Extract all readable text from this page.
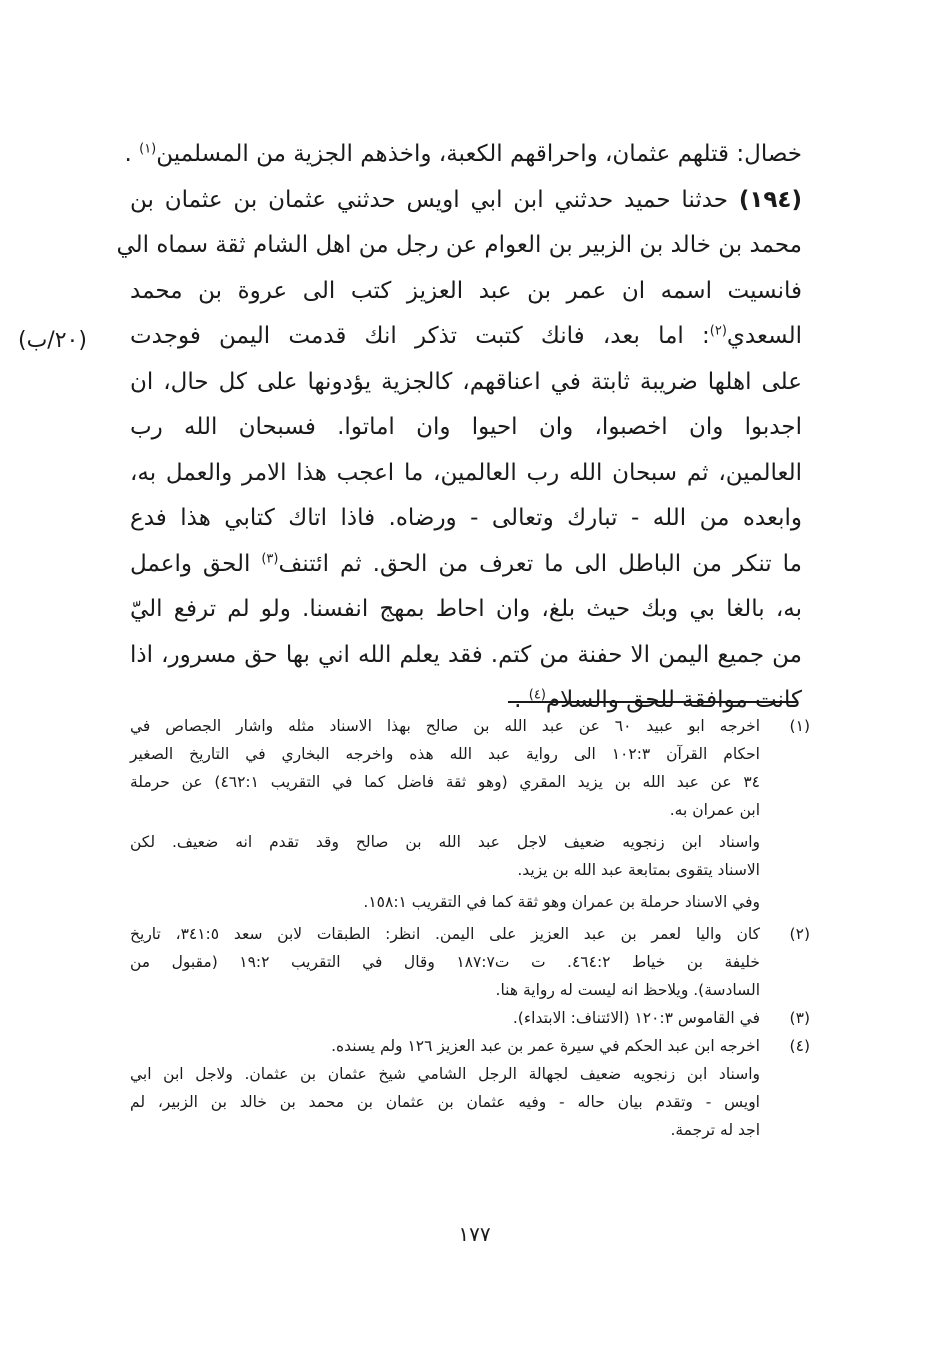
خصال: قتلهم عثمان، واحراقهم الكعبة، واخذهم الجزية من المسلمين$^{(١)}$ .
(١٩٤) حدثنا حميد حدثني ابن ابي اويس حدثني عثمان بن عثمان بن
محمد بن خالد بن الزبير بن العوام عن رجل من اهل الشام ثقة سماه الي
فانسيت اسمه ان عمر بن عبد العزيز كتب الى عروة بن محمد
السعدي$^{(٢)}$: اما بعد، فانك كتبت تذكر انك قدمت اليمن فوجدت
على اهلها ضريبة ثابتة في اعناقهم، كالجزية يؤدونها على كل حال، ان
اجدبوا وان اخصبوا، وان احيوا وان اماتوا. فسبحان الله رب
العالمين، ثم سبحان الله رب العالمين، ما اعجب هذا الامر والعمل به،
وابعده من الله - تبارك وتعالى - ورضاه. فاذا اتاك كتابي هذا فدع
ما تنكر من الباطل الى ما تعرف من الحق. ثم ائتنف$^{(٣)}$ الحق واعمل
به، بالغا بي وبك حيث بلغ، وان احاط بمهج انفسنا. ولو لم ترفع اليّ
من جميع اليمن الا حفنة من كتم. فقد يعلم الله اني بها حق مسرور، اذا
كانت موافقة للحق والسلام$^{(٤)}$ .
(٢٠/ب)
(١)
اخرجه ابو عبيد ٦٠ عن عبد الله بن صالح بهذا الاسناد مثله واشار الجصاص في
احكام القرآن ١٠٢:٣ الى رواية عبد الله هذه واخرجه البخاري في التاريخ الصغير
٣٤ عن عبد الله بن يزيد المقري (وهو ثقة فاضل كما في التقريب ٤٦٢:١) عن حرملة
ابن عمران به.
واسناد ابن زنجويه ضعيف لاجل عبد الله بن صالح وقد تقدم انه ضعيف. لكن
الاسناد يتقوى بمتابعة عبد الله بن يزيد.
وفي الاسناد حرملة بن عمران وهو ثقة كما في التقريب ١٥٨:١.
(٢)
كان واليا لعمر بن عبد العزيز على اليمن. انظر: الطبقات لابن سعد ٣٤١:٥، تاريخ
خليفة بن خياط ٤٦٤:٢. ت ت١٨٧:٧ وقال في التقريب ١٩:٢ (مقبول من
السادسة). ويلاحظ انه ليست له رواية هنا.
(٣)
في القاموس ١٢٠:٣ (الائتناف: الابتداء).
(٤)
اخرجه ابن عبد الحكم في سيرة عمر بن عبد العزيز ١٢٦ ولم يسنده.
واسناد ابن زنجويه ضعيف لجهالة الرجل الشامي شيخ عثمان بن عثمان. ولاجل ابن ابي
اويس - وتقدم بيان حاله - وفيه عثمان بن عثمان بن محمد بن خالد بن الزبير، لم
اجد له ترجمة.
١٧٧
